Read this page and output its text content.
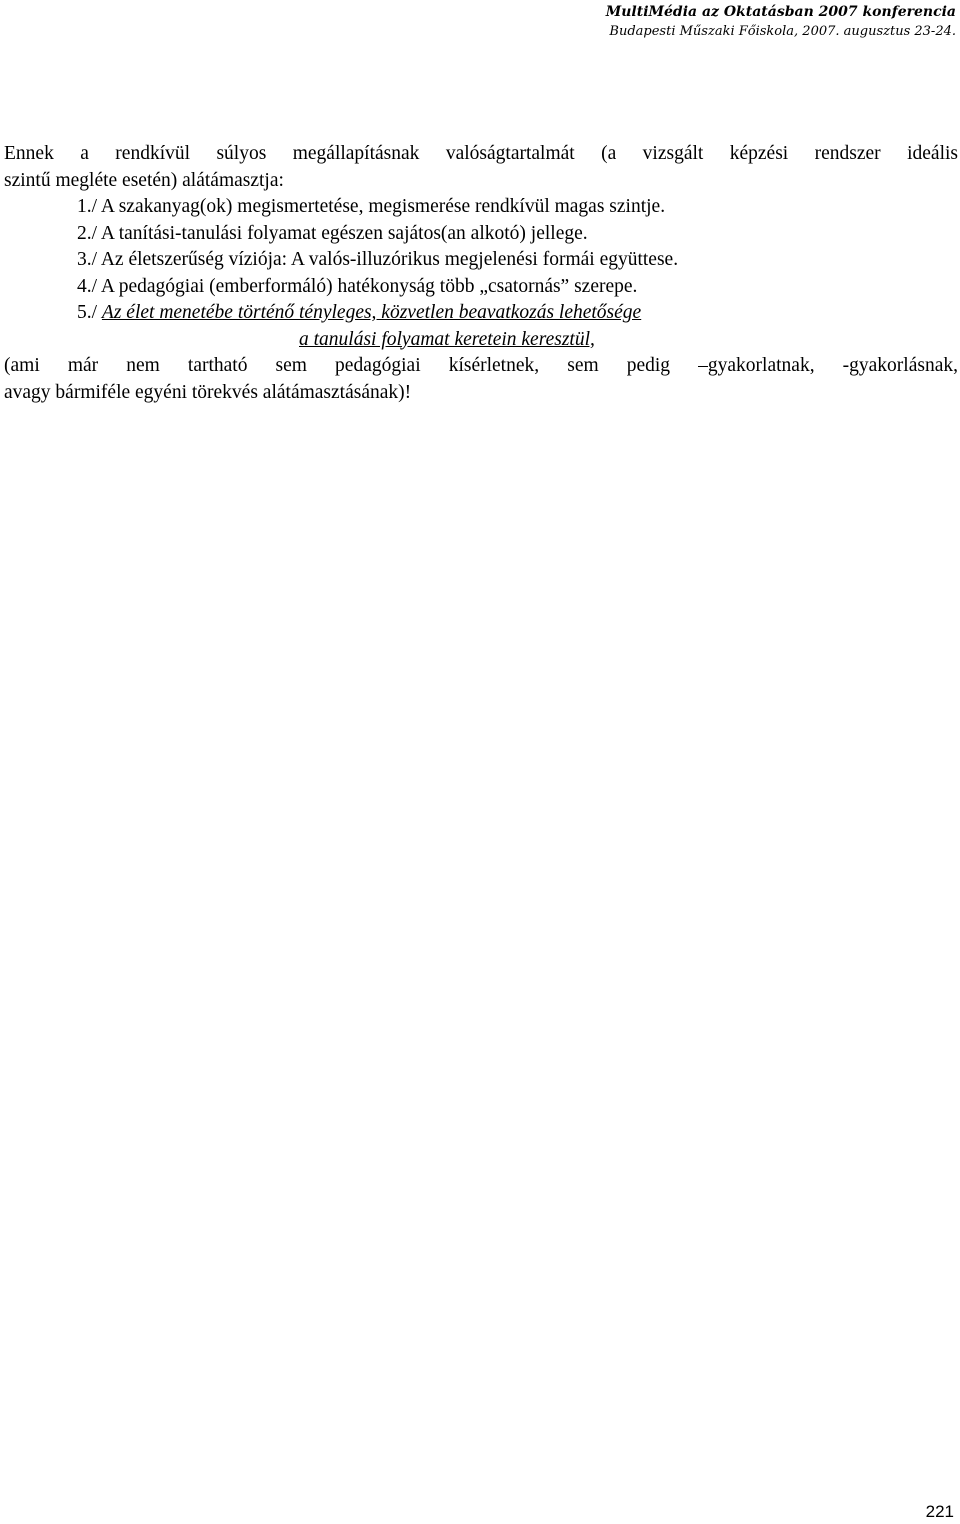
MultiMédia az Oktatásban 2007 konferencia
Budapesti Műszaki Főiskola, 2007. augusztus 23-24.
Ennek a rendkívül súlyos megállapításnak valóságtartalmát (a vizsgált képzési rendszer ideális
szintű megléte esetén) alátámasztja:
1./ A szakanyag(ok) megismertetése, megismerése rendkívül magas szintje.
2./ A tanítási-tanulási folyamat egészen sajátos(an alkotó) jellege.
3./ Az életszerűség víziója: A valós-illuzórikus megjelenési formái együttese.
4./ A pedagógiai (emberformáló) hatékonyság több „csatornás” szerepe.
5./ Az élet menetébe történő tényleges, közvetlen beavatkozás lehetősége
a tanulási folyamat keretein keresztül,
(ami már nem tartható sem pedagógiai kísérletnek, sem pedig –gyakorlatnak, -gyakorlásnak,
avagy bármiféle egyéni törekvés alátámasztásának)!
221
